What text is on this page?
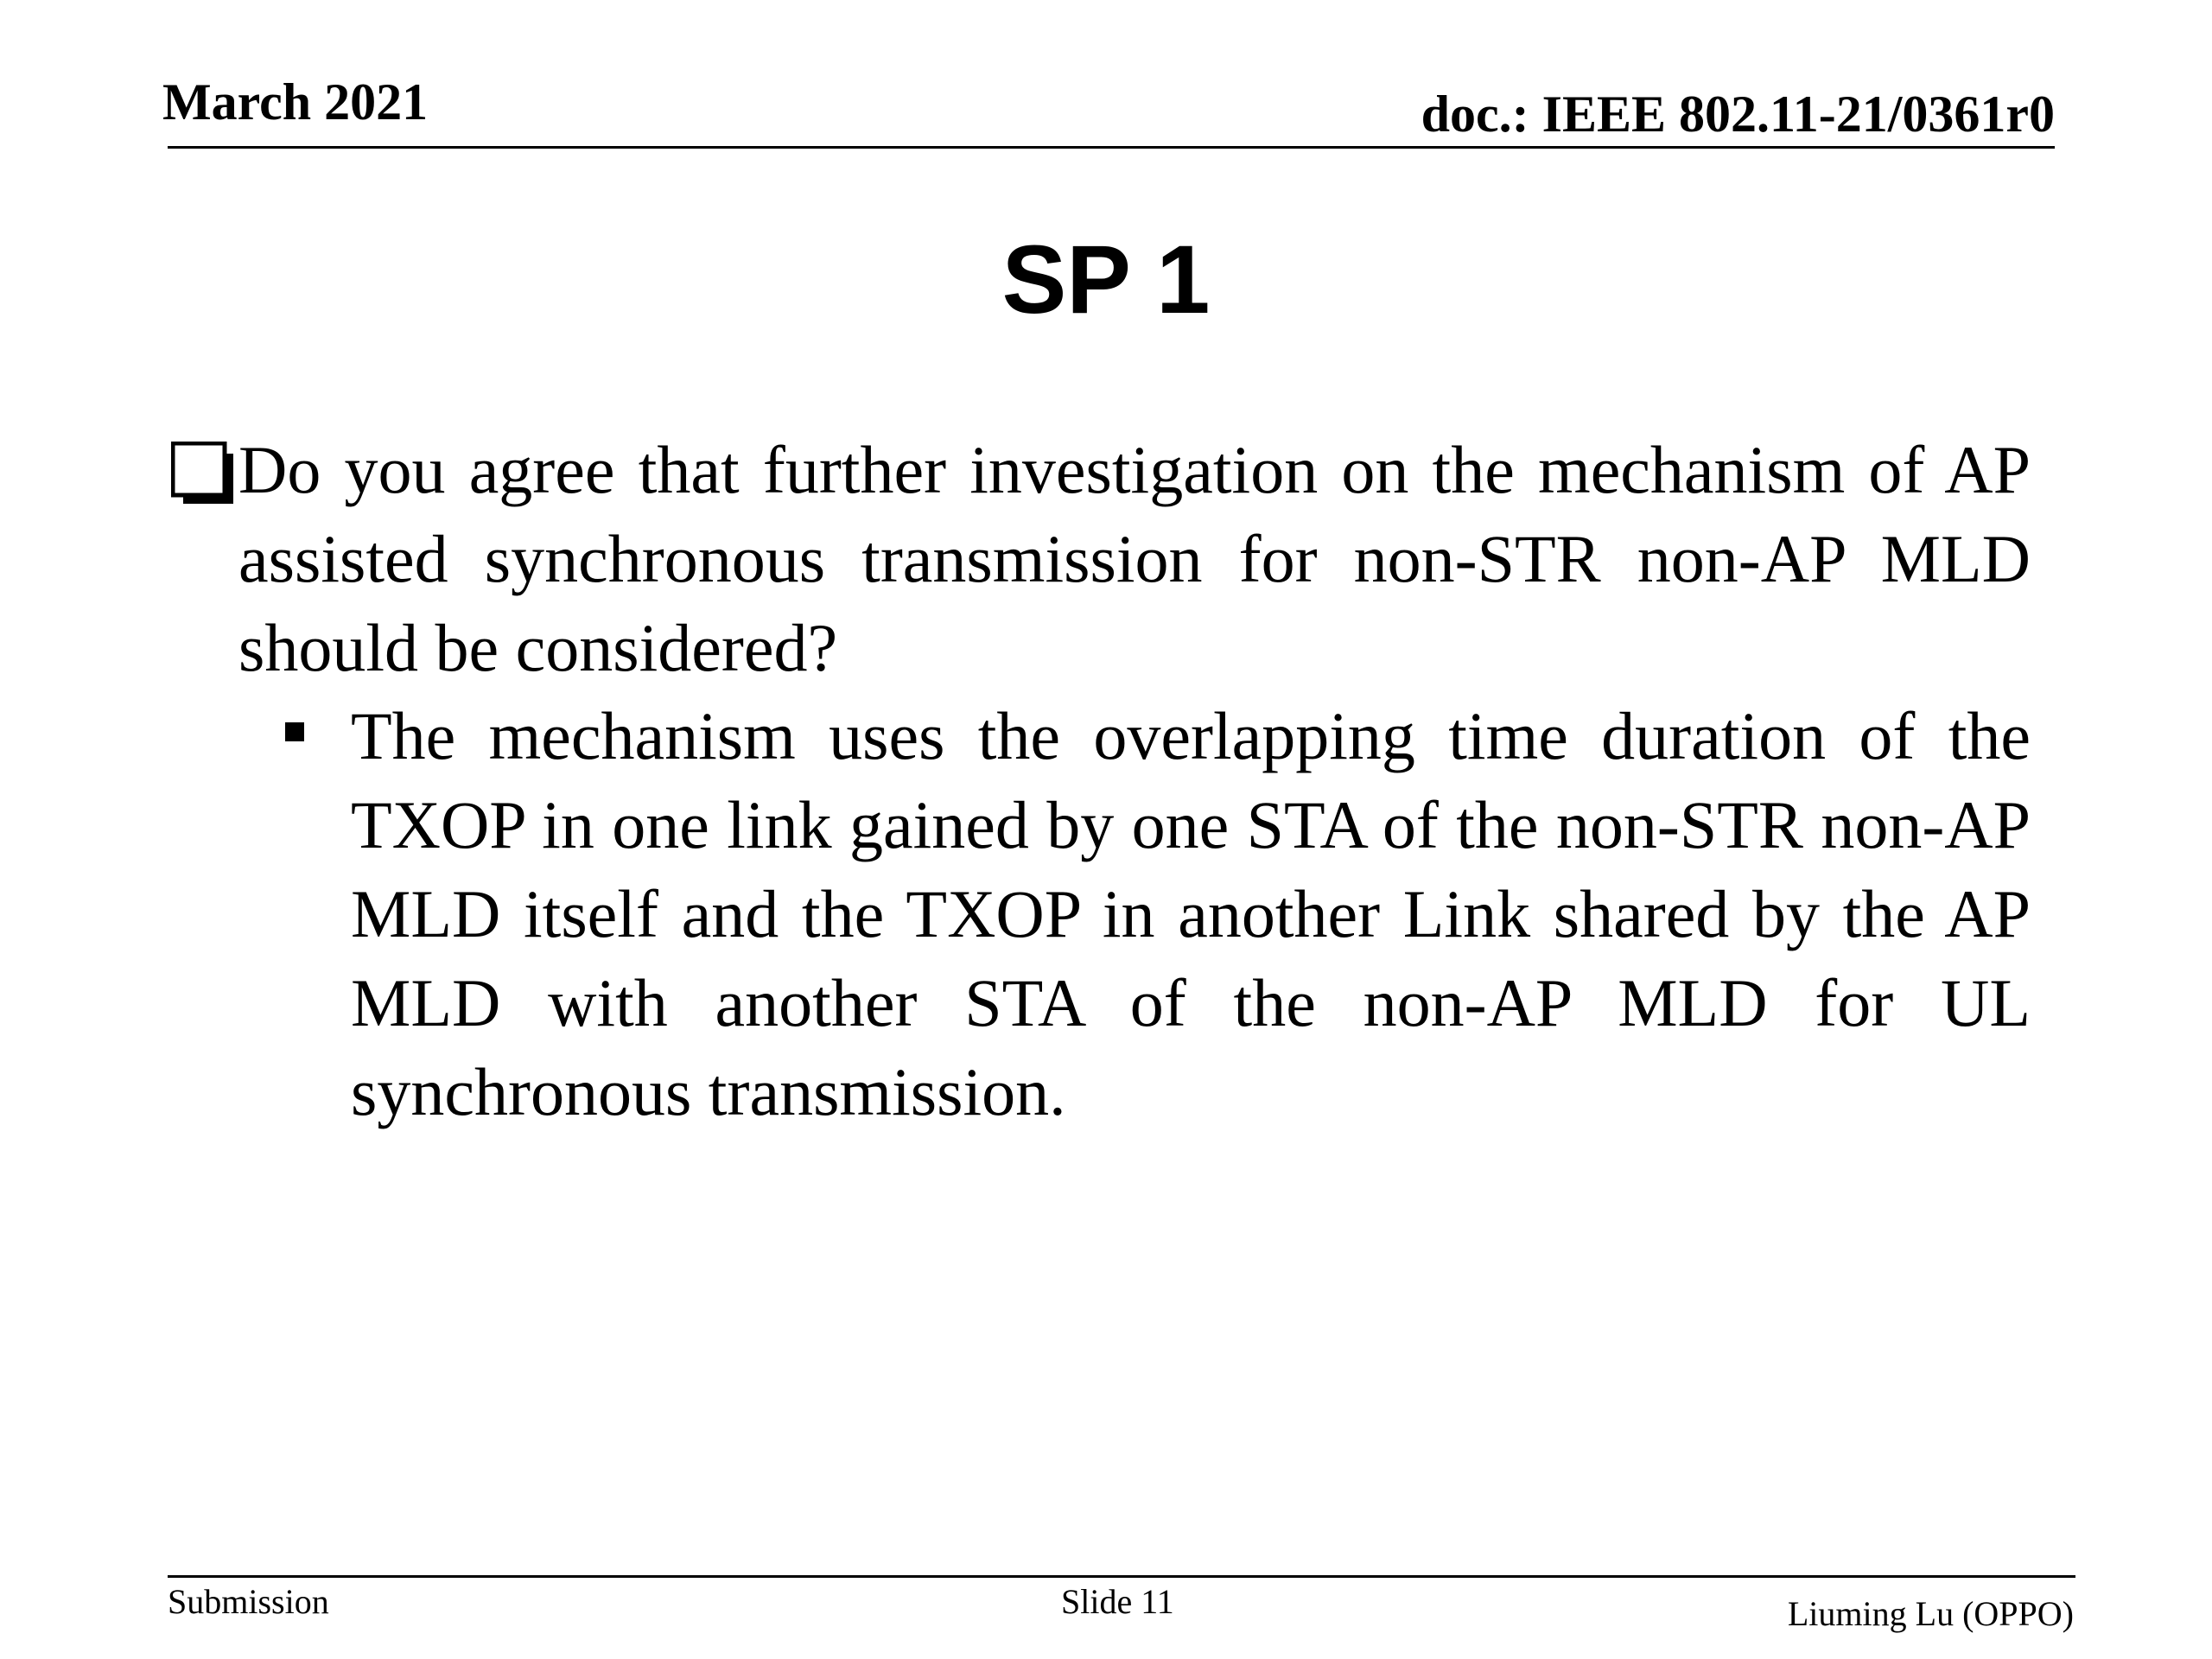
March 2021	doc.: IEEE 802.11-21/0361r0
SP 1
Do you agree that further investigation on the mechanism of AP assisted synchronous transmission for non-STR non-AP MLD should be considered?
The mechanism uses the overlapping time duration of the TXOP in one link gained by one STA of the non-STR non-AP MLD itself and the TXOP in another Link shared by the AP MLD with another STA of the non-AP MLD for UL synchronous transmission.
Submission	Slide 11	Liuming Lu (OPPO)
